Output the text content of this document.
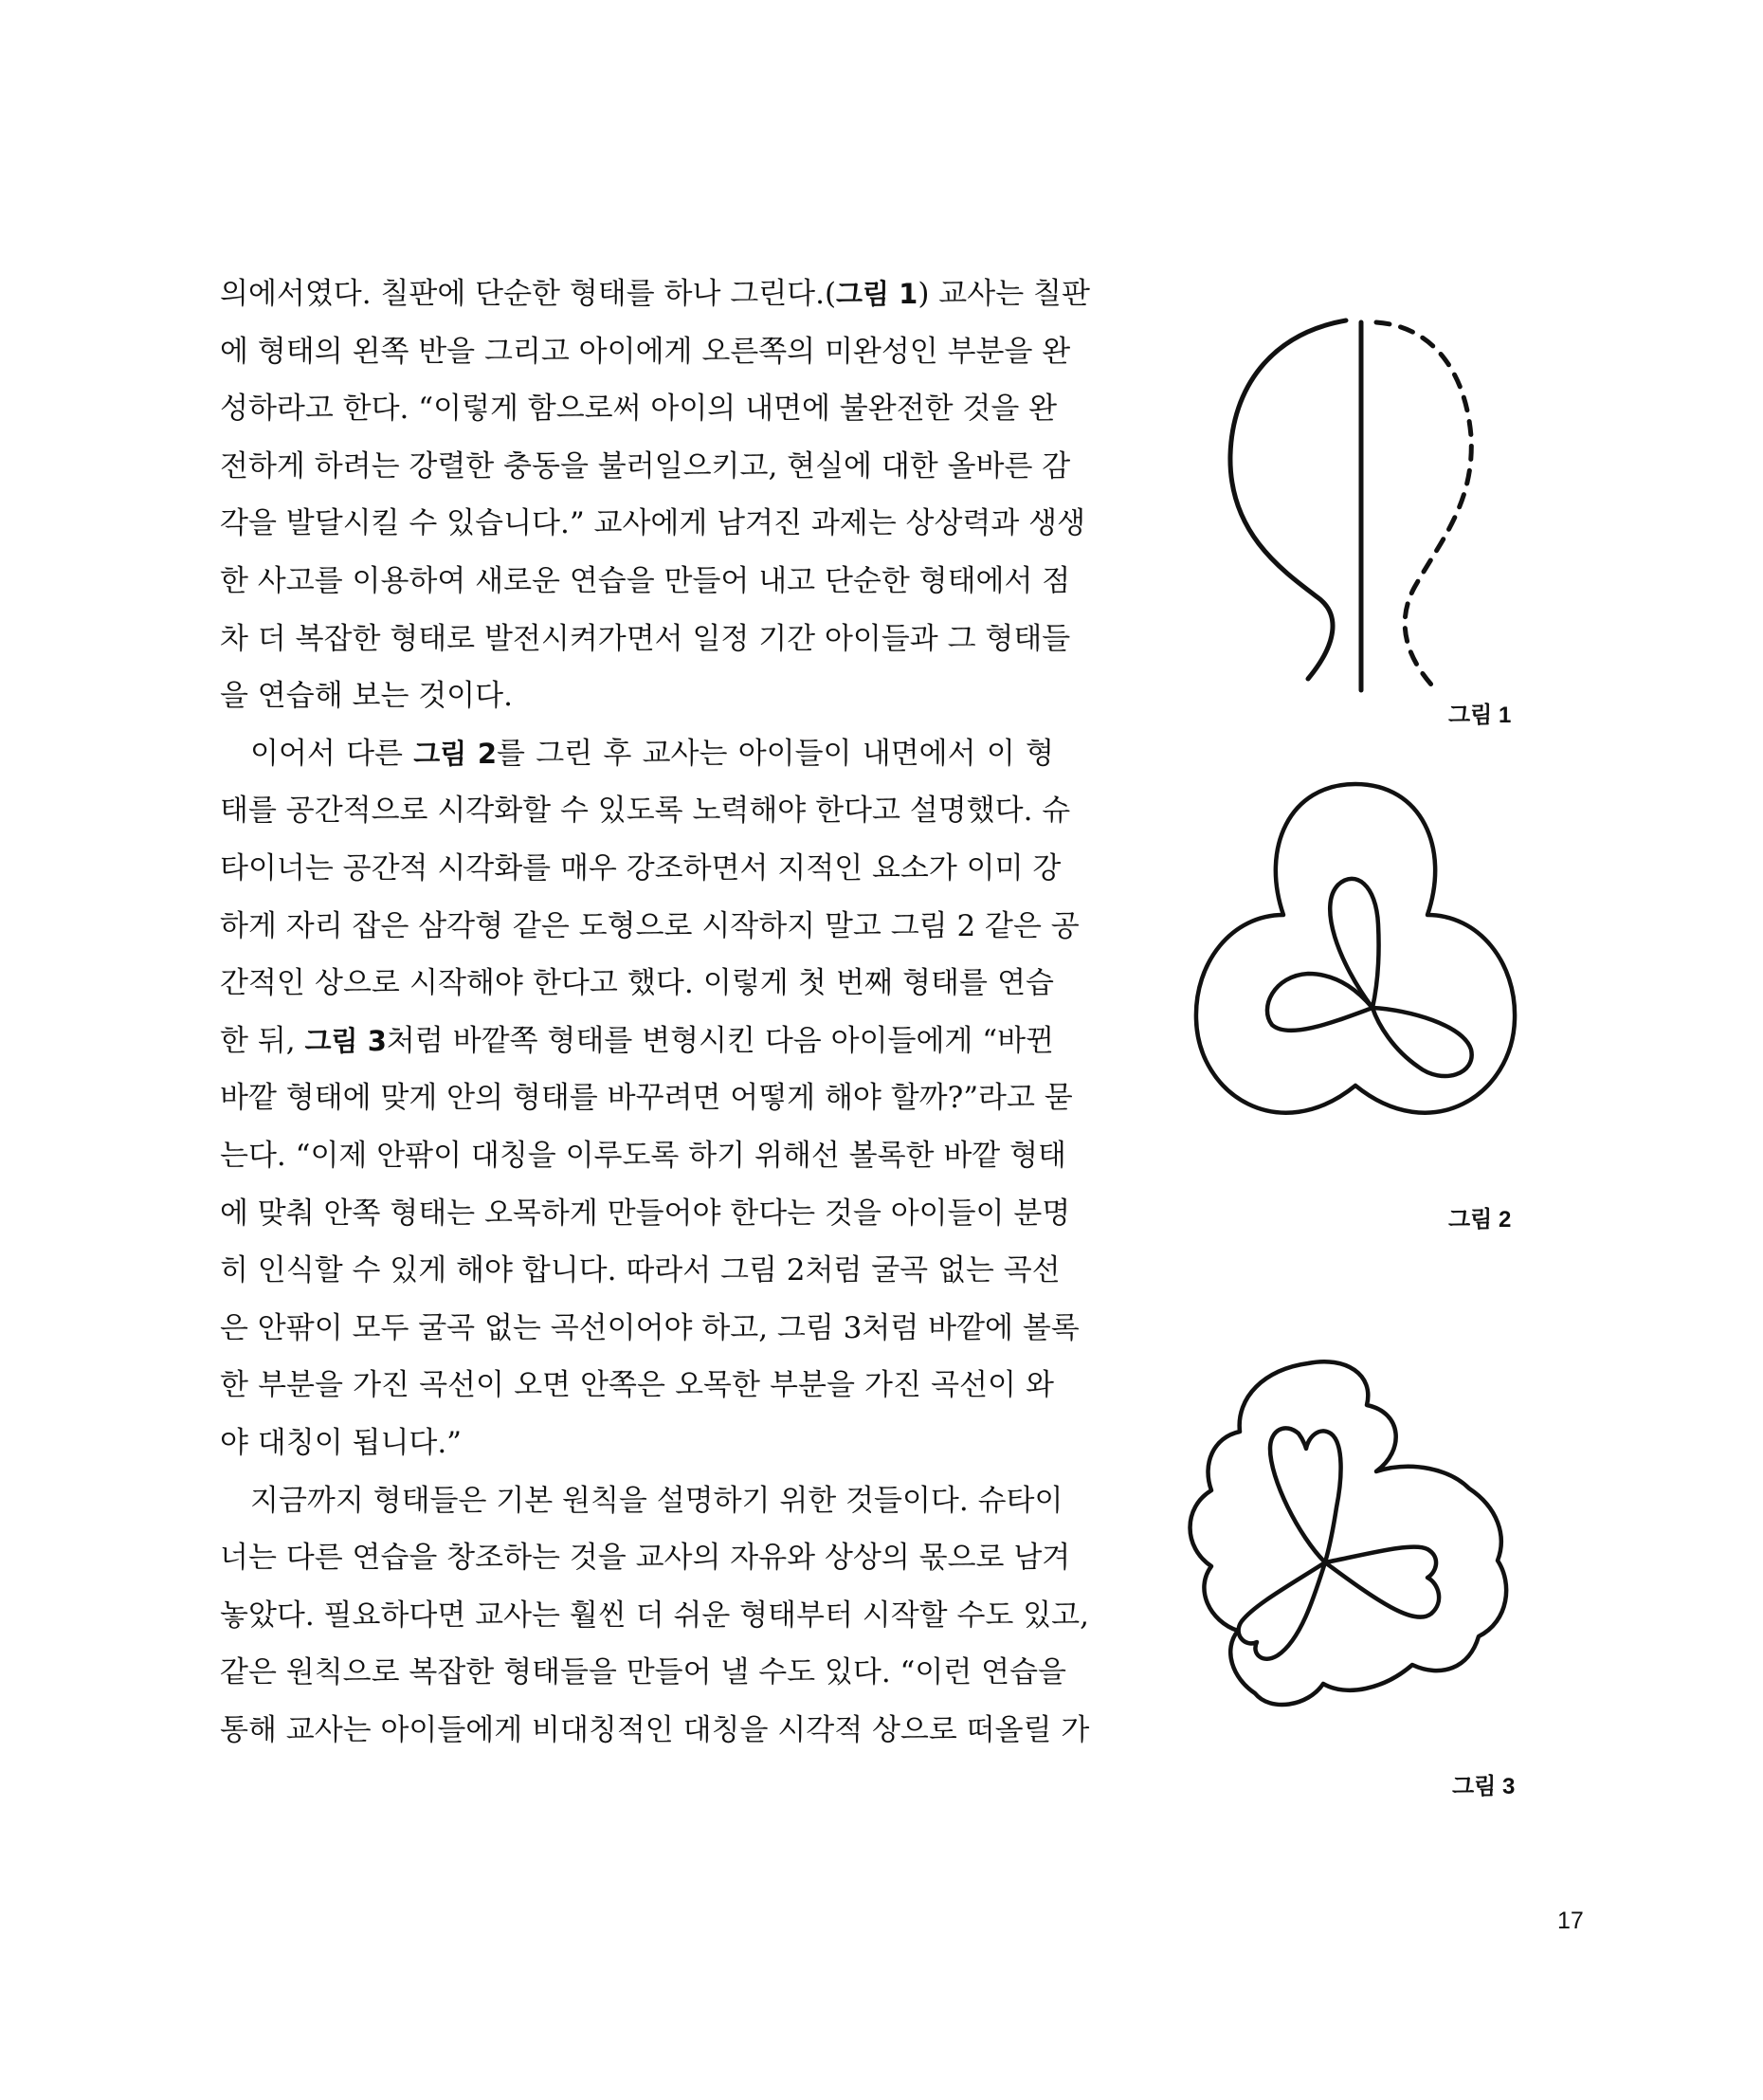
의에서였다. 칠판에 단순한 형태를 하나 그린다.(그림 1) 교사는 칠판
에 형태의 왼쪽 반을 그리고 아이에게 오른쪽의 미완성인 부분을 완
성하라고 한다. “이렇게 함으로써 아이의 내면에 불완전한 것을 완
전하게 하려는 강렬한 충동을 불러일으키고, 현실에 대한 올바른 감
각을 발달시킬 수 있습니다.” 교사에게 남겨진 과제는 상상력과 생생
한 사고를 이용하여 새로운 연습을 만들어 내고 단순한 형태에서 점
차 더 복잡한 형태로 발전시켜가면서 일정 기간 아이들과 그 형태들
을 연습해 보는 것이다.
이어서 다른 그림 2를 그린 후 교사는 아이들이 내면에서 이 형
태를 공간적으로 시각화할 수 있도록 노력해야 한다고 설명했다. 슈
타이너는 공간적 시각화를 매우 강조하면서 지적인 요소가 이미 강
하게 자리 잡은 삼각형 같은 도형으로 시작하지 말고 그림 2 같은 공
간적인 상으로 시작해야 한다고 했다. 이렇게 첫 번째 형태를 연습
한 뒤, 그림 3처럼 바깥쪽 형태를 변형시킨 다음 아이들에게 “바뀐
바깥 형태에 맞게 안의 형태를 바꾸려면 어떻게 해야 할까?”라고 묻
는다. “이제 안팎이 대칭을 이루도록 하기 위해선 볼록한 바깥 형태
에 맞춰 안쪽 형태는 오목하게 만들어야 한다는 것을 아이들이 분명
히 인식할 수 있게 해야 합니다. 따라서 그림 2처럼 굴곡 없는 곡선
은 안팎이 모두 굴곡 없는 곡선이어야 하고, 그림 3처럼 바깥에 볼록
한 부분을 가진 곡선이 오면 안쪽은 오목한 부분을 가진 곡선이 와
야 대칭이 됩니다.”
지금까지 형태들은 기본 원칙을 설명하기 위한 것들이다. 슈타이
너는 다른 연습을 창조하는 것을 교사의 자유와 상상의 몫으로 남겨
놓았다. 필요하다면 교사는 훨씬 더 쉬운 형태부터 시작할 수도 있고,
같은 원칙으로 복잡한 형태들을 만들어 낼 수도 있다. “이런 연습을
통해 교사는 아이들에게 비대칭적인 대칭을 시각적 상으로 떠올릴 가
그림 1
그림 2
그림 3
17
